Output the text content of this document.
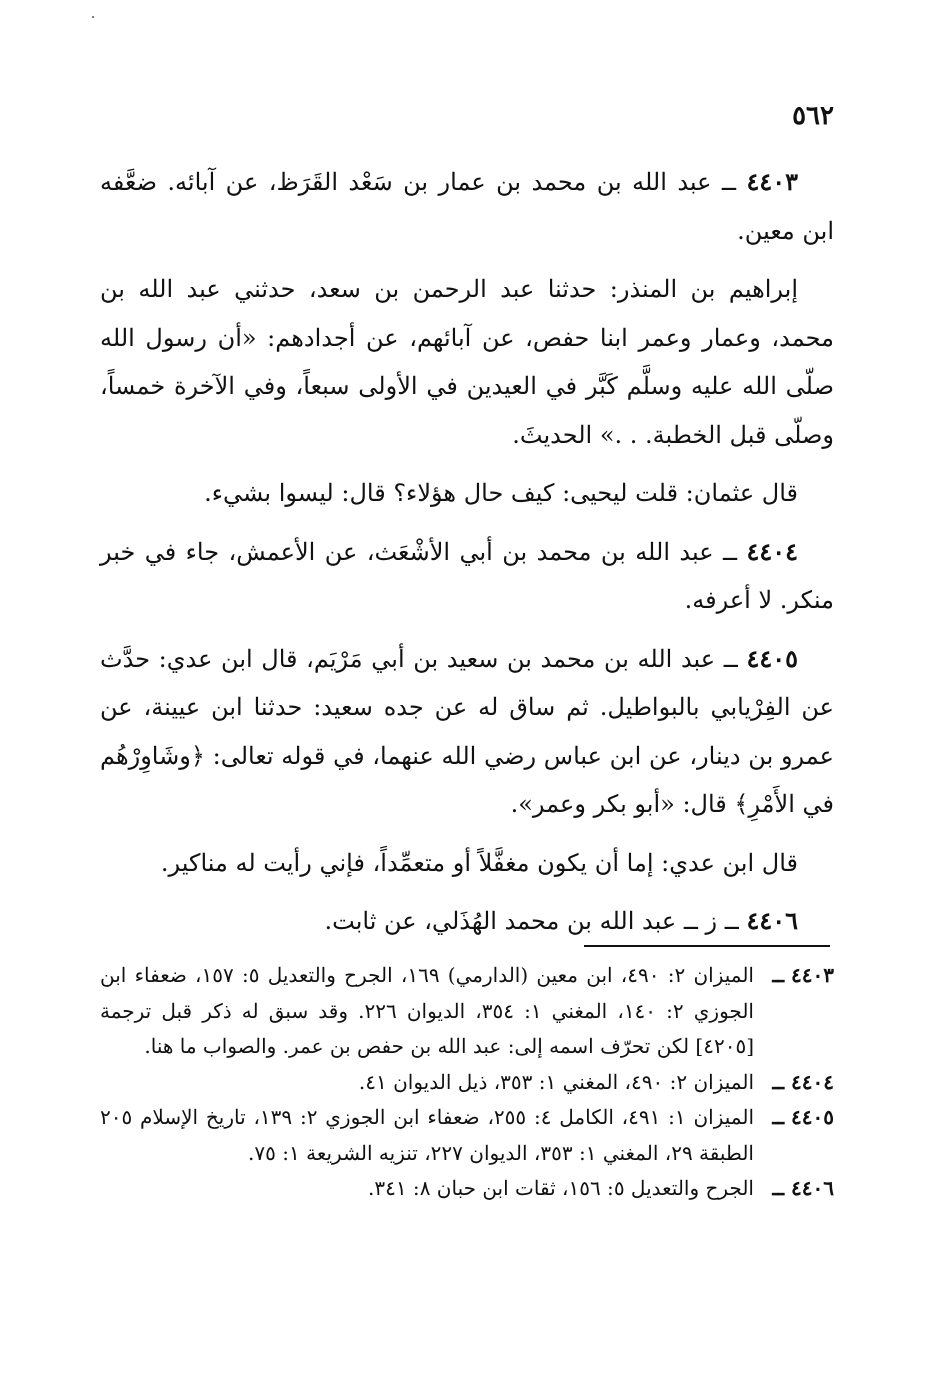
٥٦٢

٤٤٠٣ ــ عبد الله بن محمد بن عمار بن سَعْد القَرَظ، عن آبائه. ضعَّفه ابن معين.

إبراهيم بن المنذر: حدثنا عبد الرحمن بن سعد، حدثني عبد الله بن محمد، وعمار وعمر ابنا حفص، عن آبائهم، عن أجدادهم: «أن رسول الله صلّى الله عليه وسلَّم كَبَّر في العيدين في الأولى سبعاً، وفي الآخرة خمساً، وصلّى قبل الخطبة. . .» الحديثَ.

قال عثمان: قلت ليحيى: كيف حال هؤلاء؟ قال: ليسوا بشيء.

٤٤٠٤ ــ عبد الله بن محمد بن أبي الأشْعَث، عن الأعمش، جاء في خبر منكر. لا أعرفه.

٤٤٠٥ ــ عبد الله بن محمد بن سعيد بن أبي مَرْيَم، قال ابن عدي: حدَّث عن الفِرْيابي بالبواطيل. ثم ساق له عن جده سعيد: حدثنا ابن عيينة، عن عمرو بن دينار، عن ابن عباس رضي الله عنهما، في قوله تعالى: ﴿وشَاوِرْهُم في الأَمْرِ﴾ قال: «أبو بكر وعمر».

قال ابن عدي: إما أن يكون مغفَّلاً أو متعمِّداً، فإني رأيت له مناكير.

٤٤٠٦ ــ ز ــ عبد الله بن محمد الهُذَلي، عن ثابت.

٤٤٠٣ ــ
الميزان ٢: ٤٩٠، ابن معين (الدارمي) ١٦٩، الجرح والتعديل ٥: ١٥٧، ضعفاء ابن الجوزي ٢: ١٤٠، المغني ١: ٣٥٤، الديوان ٢٢٦. وقد سبق له ذكر قبل ترجمة [٤٢٠٥] لكن تحرّف اسمه إلى: عبد الله بن حفص بن عمر. والصواب ما هنا.
٤٤٠٤ ــ
الميزان ٢: ٤٩٠، المغني ١: ٣٥٣، ذيل الديوان ٤١.
٤٤٠٥ ــ
الميزان ١: ٤٩١، الكامل ٤: ٢٥٥، ضعفاء ابن الجوزي ٢: ١٣٩، تاريخ الإسلام ٢٠٥ الطبقة ٢٩، المغني ١: ٣٥٣، الديوان ٢٢٧، تنزيه الشريعة ١: ٧٥.
٤٤٠٦ ــ
الجرح والتعديل ٥: ١٥٦، ثقات ابن حبان ٨: ٣٤١.
